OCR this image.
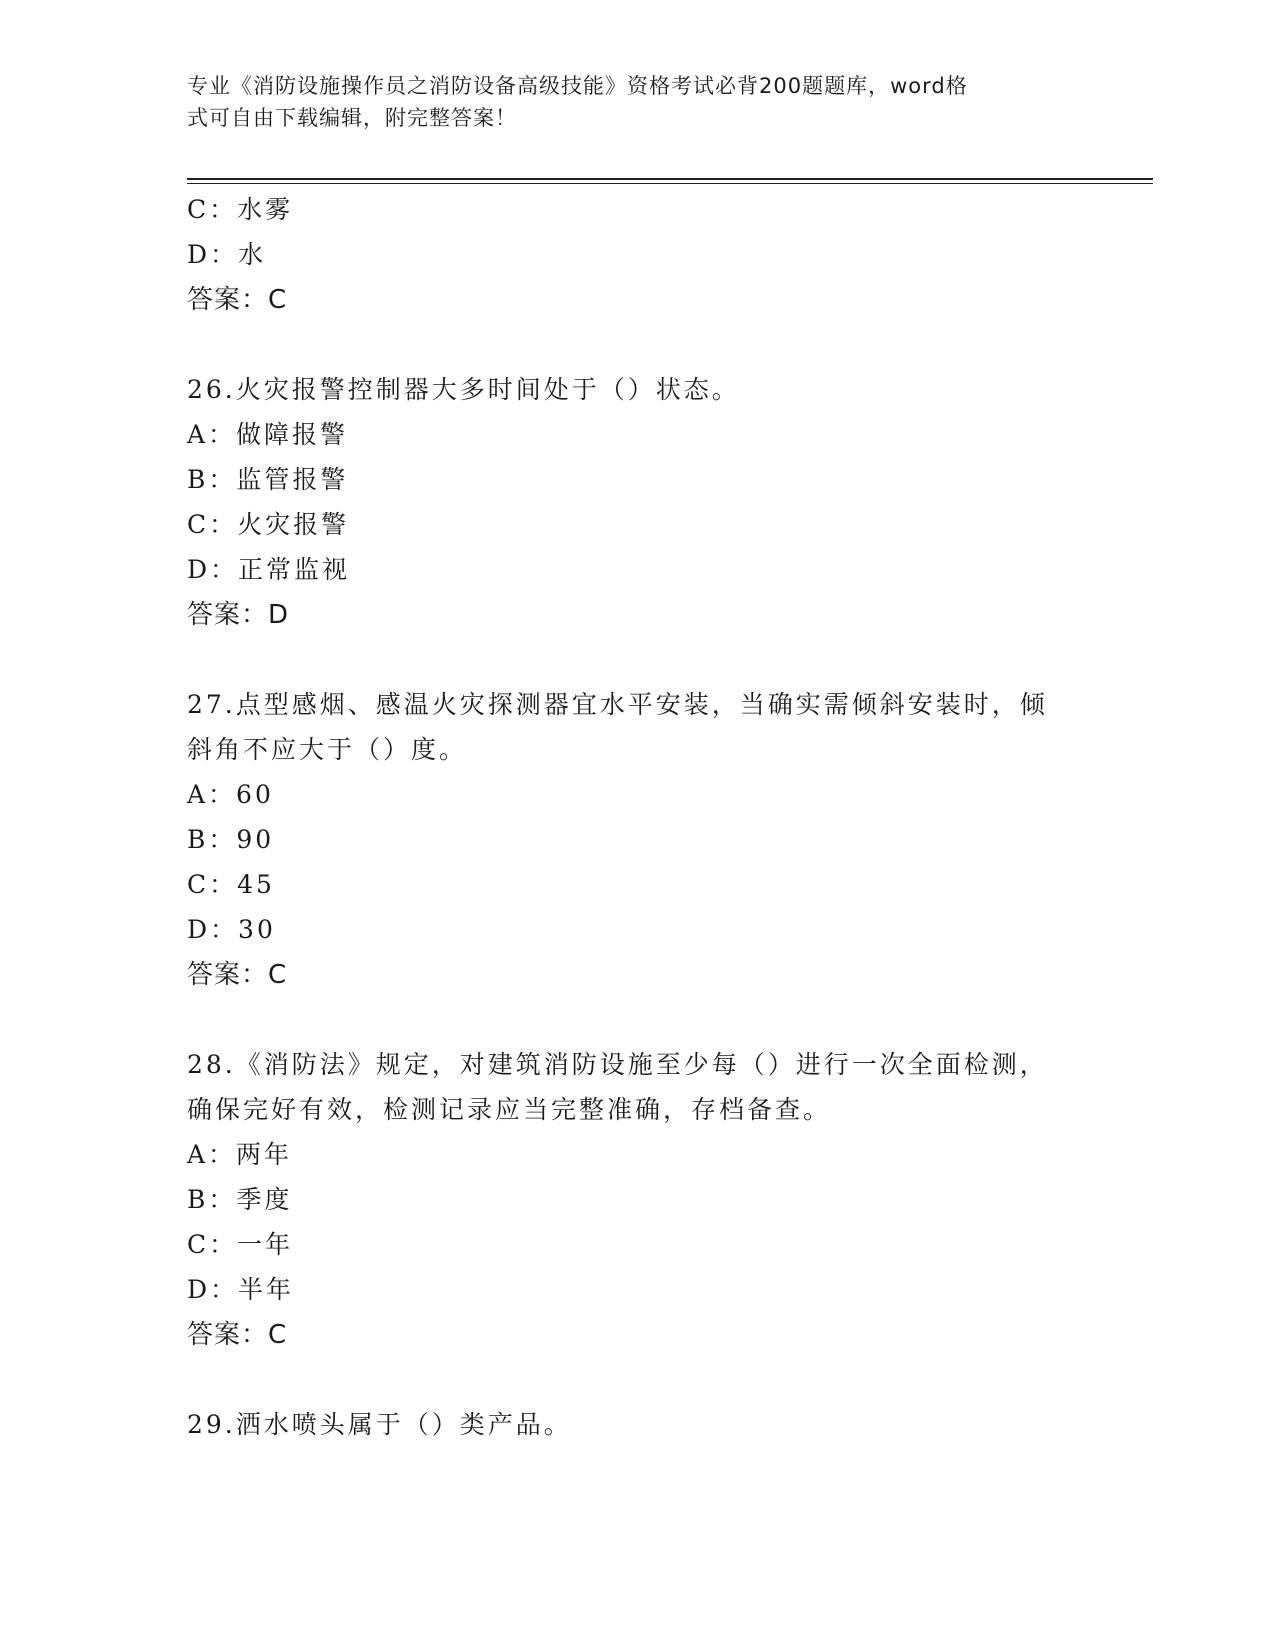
专业《消防设施操作员之消防设备高级技能》资格考试必背200题题库，word格
式可自由下载编辑，附完整答案！
C：水雾
D：水
答案：C
26.火灾报警控制器大多时间处于（）状态。
A：做障报警
B：监管报警
C：火灾报警
D：正常监视
答案：D
27.点型感烟、感温火灾探测器宜水平安装，当确实需倾斜安装时，倾
斜角不应大于（）度。
A：60
B：90
C：45
D：30
答案：C
28.《消防法》规定，对建筑消防设施至少每（）进行一次全面检测，
确保完好有效，检测记录应当完整准确，存档备查。
A：两年
B：季度
C：一年
D：半年
答案：C
29.洒水喷头属于（）类产品。
